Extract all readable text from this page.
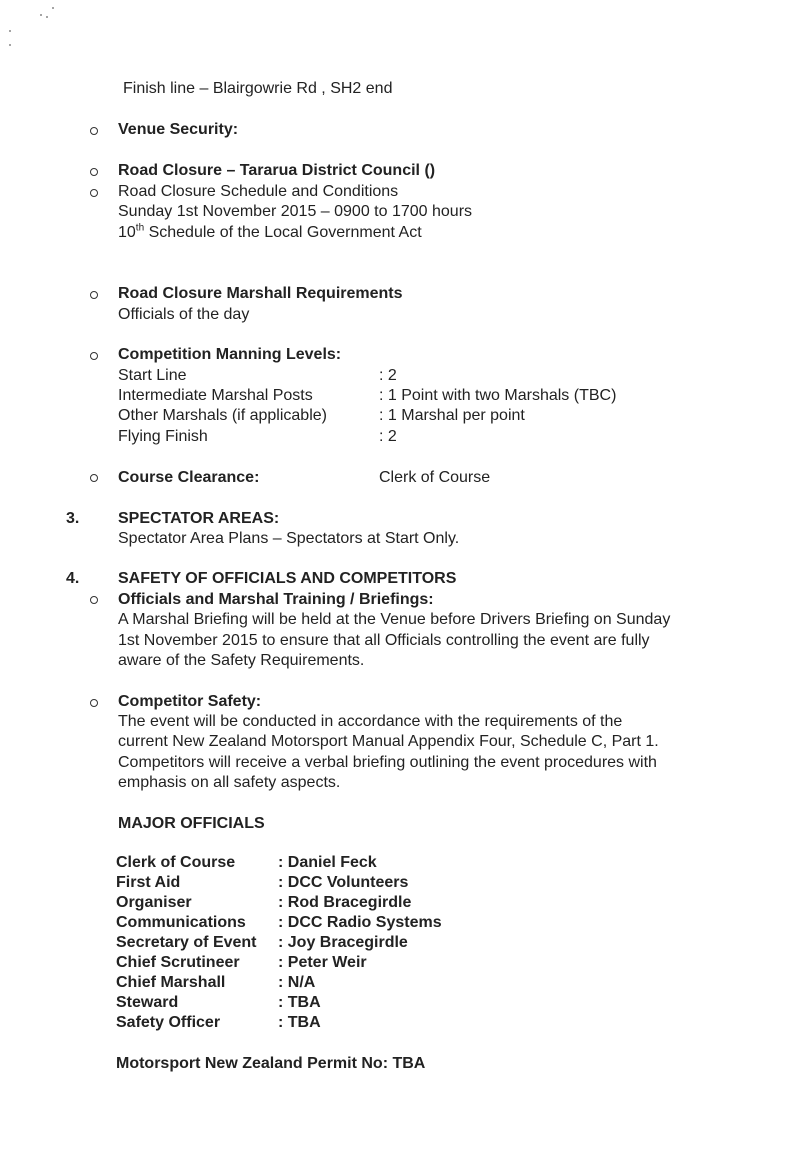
Finish line – Blairgowrie Rd , SH2 end
Venue Security:
Road Closure – Tararua District Council ()
Road Closure Schedule and Conditions
Sunday 1st November 2015 – 0900 to 1700 hours
10th Schedule of the Local Government Act
Road Closure Marshall Requirements
Officials of the day
Competition Manning Levels:
Start Line	: 2
Intermediate Marshal Posts	: 1 Point with two Marshals (TBC)
Other Marshals (if applicable)	: 1 Marshal per point
Flying Finish	: 2
Course Clearance:	Clerk of Course
3. SPECTATOR AREAS:
Spectator Area Plans – Spectators at Start Only.
4. SAFETY OF OFFICIALS AND COMPETITORS
Officials and Marshal Training / Briefings:
A Marshal Briefing will be held at the Venue before Drivers Briefing on Sunday
1st November 2015 to ensure that all Officials controlling the event are fully
aware of the Safety Requirements.
Competitor Safety:
The event will be conducted in accordance with the requirements of the
current New Zealand Motorsport Manual Appendix Four, Schedule C, Part 1.
Competitors will receive a verbal briefing outlining the event procedures with
emphasis on all safety aspects.
MAJOR OFFICIALS
Clerk of Course	: Daniel Feck
First Aid	: DCC Volunteers
Organiser	: Rod Bracegirdle
Communications : DCC Radio Systems
Secretary of Event : Joy Bracegirdle
Chief Scrutineer : Peter Weir
Chief Marshall	: N/A
Steward	: TBA
Safety Officer	: TBA
Motorsport New Zealand Permit No: TBA
